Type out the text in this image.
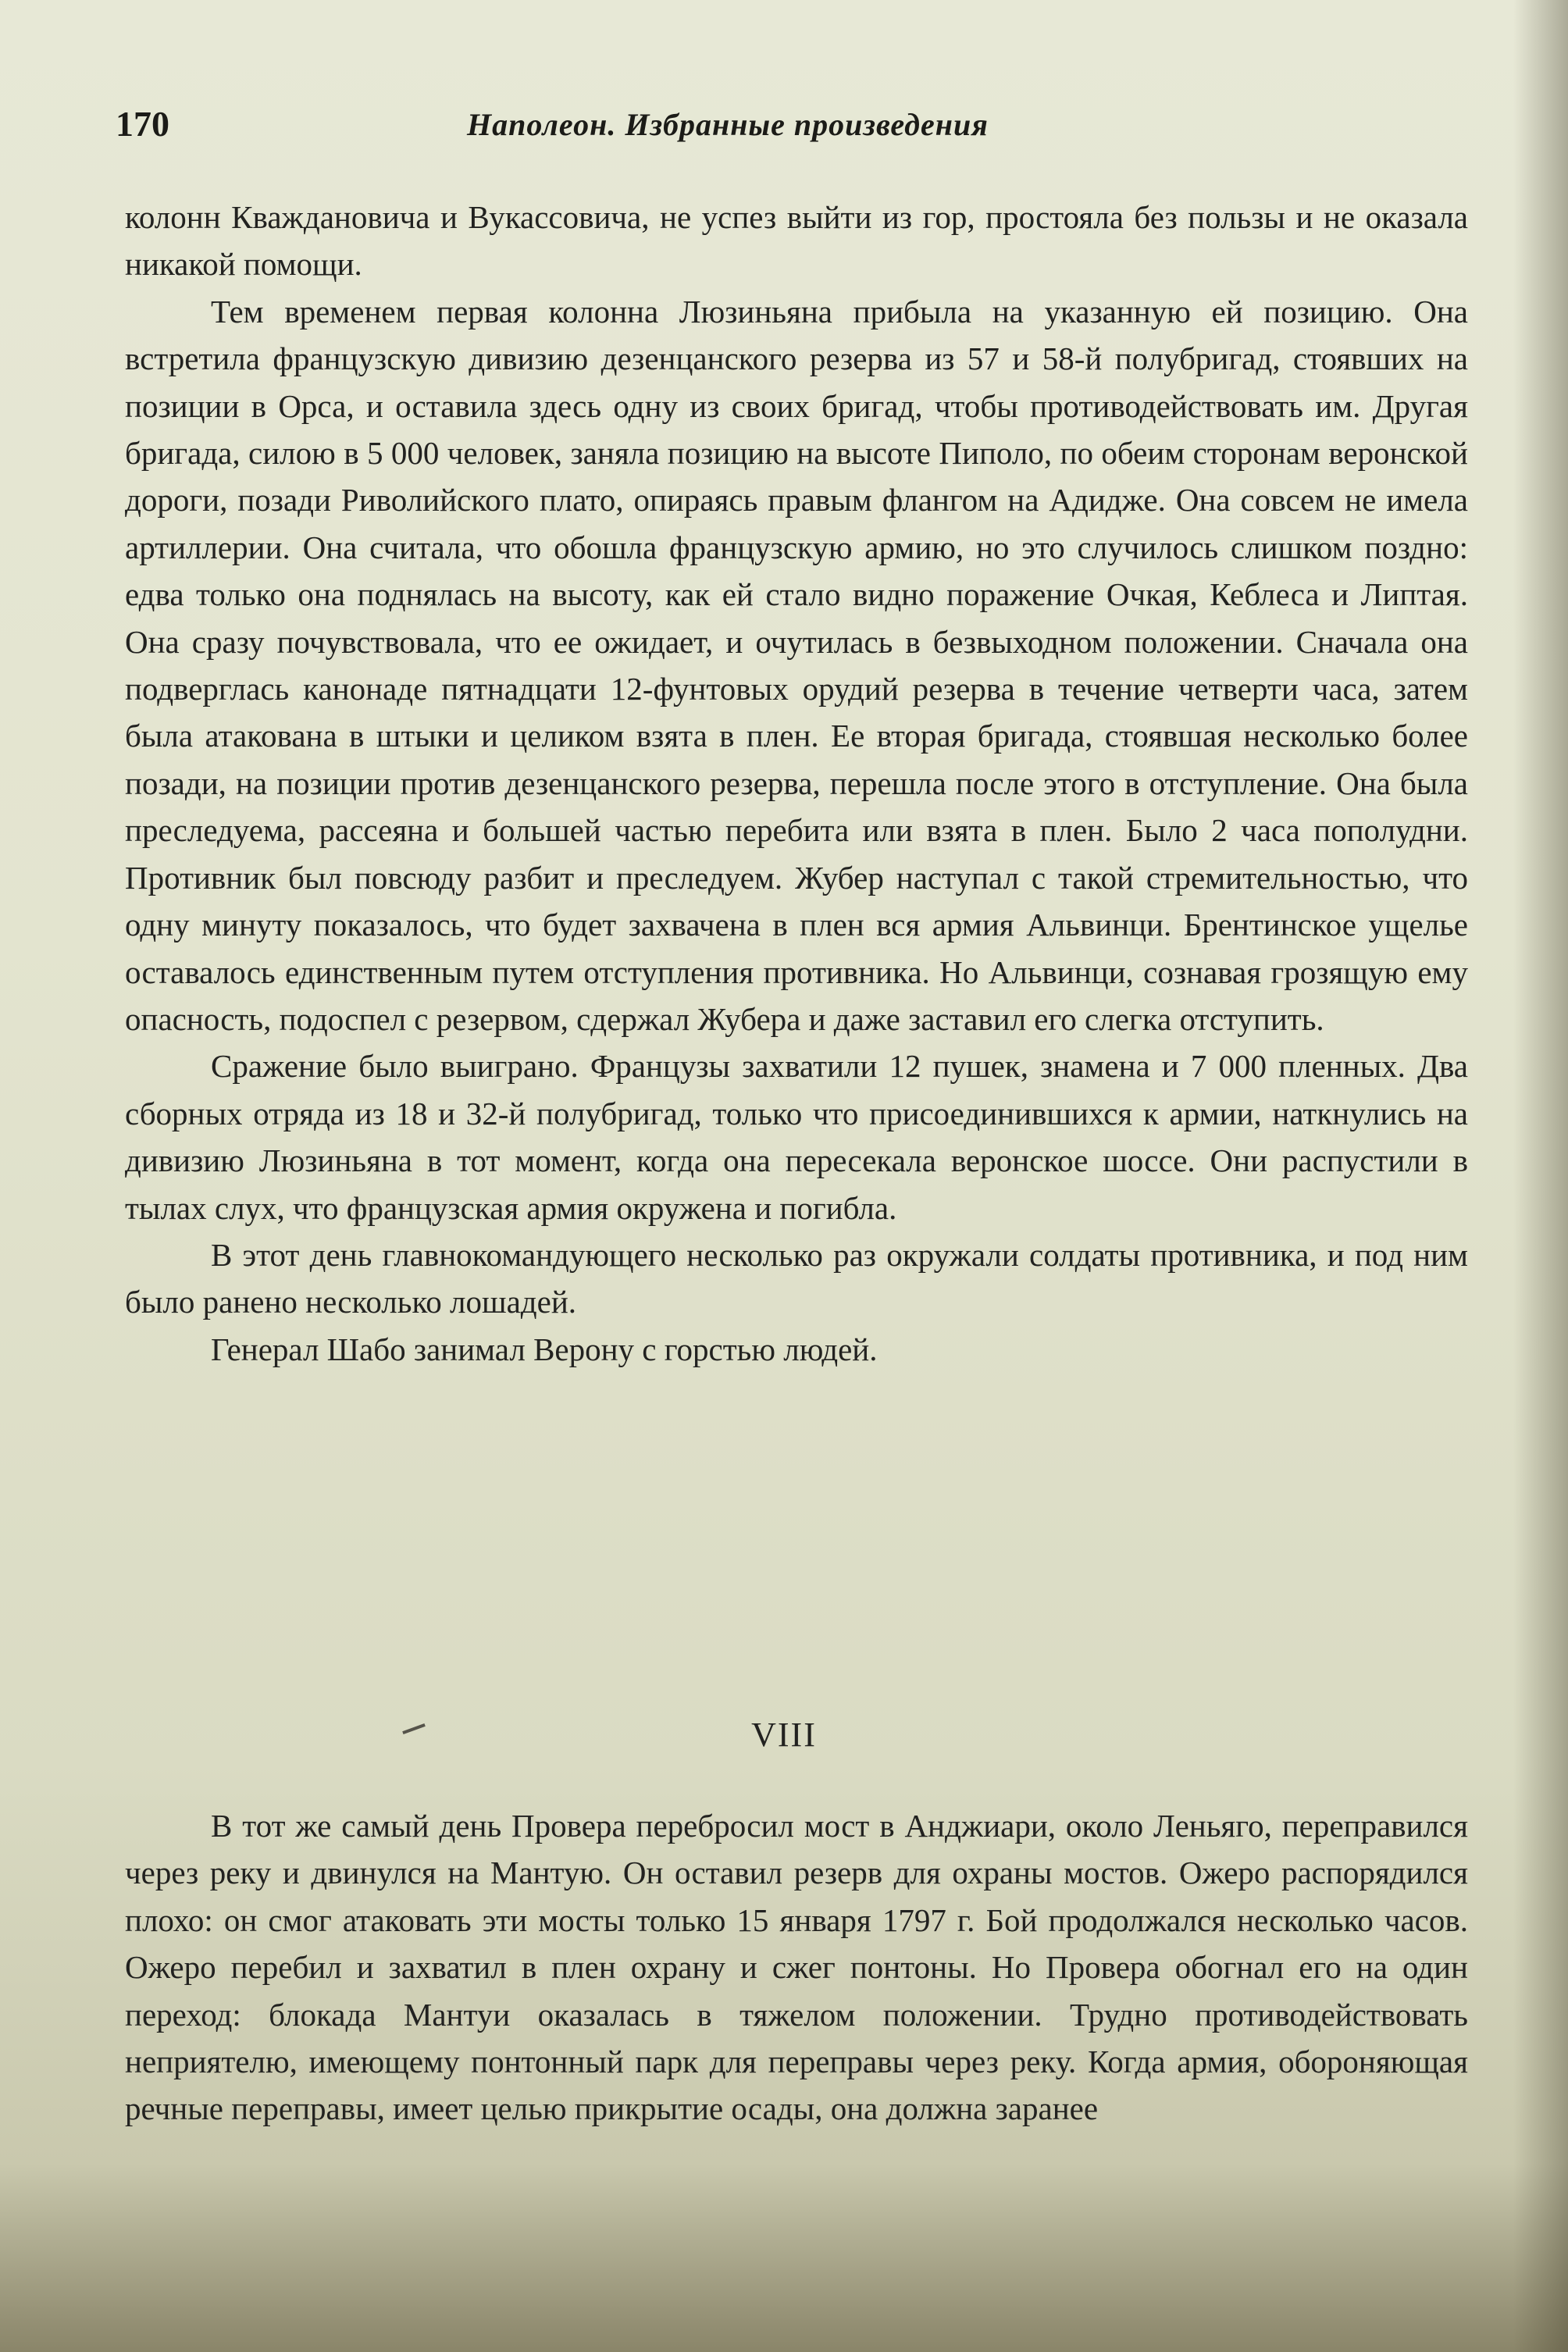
170	Наполеон. Избранные произведения

колонн Кваждановича и Вукассовича, не успез выйти из гор, простояла без пользы и не оказала никакой помощи.

Тем временем первая колонна Люзиньяна прибыла на указанную ей позицию. Она встретила французскую дивизию дезенцанского резерва из 57 и 58-й полубригад, стоявших на позиции в Орса, и оставила здесь одну из своих бригад, чтобы противодействовать им. Другая бригада, силою в 5 000 человек, заняла позицию на высоте Пиполо, по обеим сторонам веронской дороги, позади Риволийского плато, опираясь правым флангом на Адидже. Она совсем не имела артиллерии. Она считала, что обошла французскую армию, но это случилось слишком поздно: едва только она поднялась на высоту, как ей стало видно поражение Очкая, Кеблеса и Липтая. Она сразу почувствовала, что ее ожидает, и очутилась в безвыходном положении. Сначала она подверглась канонаде пятнадцати 12-фунтовых орудий резерва в течение четверти часа, затем была атакована в штыки и целиком взята в плен. Ее вторая бригада, стоявшая несколько более позади, на позиции против дезенцанского резерва, перешла после этого в отступление. Она была преследуема, рассеяна и большей частью перебита или взята в плен. Было 2 часа пополудни. Противник был повсюду разбит и преследуем. Жубер наступал с такой стремительностью, что одну минуту показалось, что будет захвачена в плен вся армия Альвинци. Брентинское ущелье оставалось единственным путем отступления противника. Но Альвинци, сознавая грозящую ему опасность, подоспел с резервом, сдержал Жубера и даже заставил его слегка отступить.

Сражение было выиграно. Французы захватили 12 пушек, знамена и 7 000 пленных. Два сборных отряда из 18 и 32-й полубригад, только что присоединившихся к армии, наткнулись на дивизию Люзиньяна в тот момент, когда она пересекала веронское шоссе. Они распустили в тылах слух, что французская армия окружена и погибла.

В этот день главнокомандующего несколько раз окружали солдаты противника, и под ним было ранено несколько лошадей.

Генерал Шабо занимал Верону с горстью людей.

VIII

В тот же самый день Провера перебросил мост в Анджиари, около Леньяго, переправился через реку и двинулся на Мантую. Он оставил резерв для охраны мостов. Ожеро распорядился плохо: он смог атаковать эти мосты только 15 января 1797 г. Бой продолжался несколько часов. Ожеро перебил и захватил в плен охрану и сжег понтоны. Но Провера обогнал его на один переход: блокада Мантуи оказалась в тяжелом положении. Трудно противодействовать неприятелю, имеющему понтонный парк для переправы через реку. Когда армия, обороняющая речные переправы, имеет целью прикрытие осады, она должна заранее
